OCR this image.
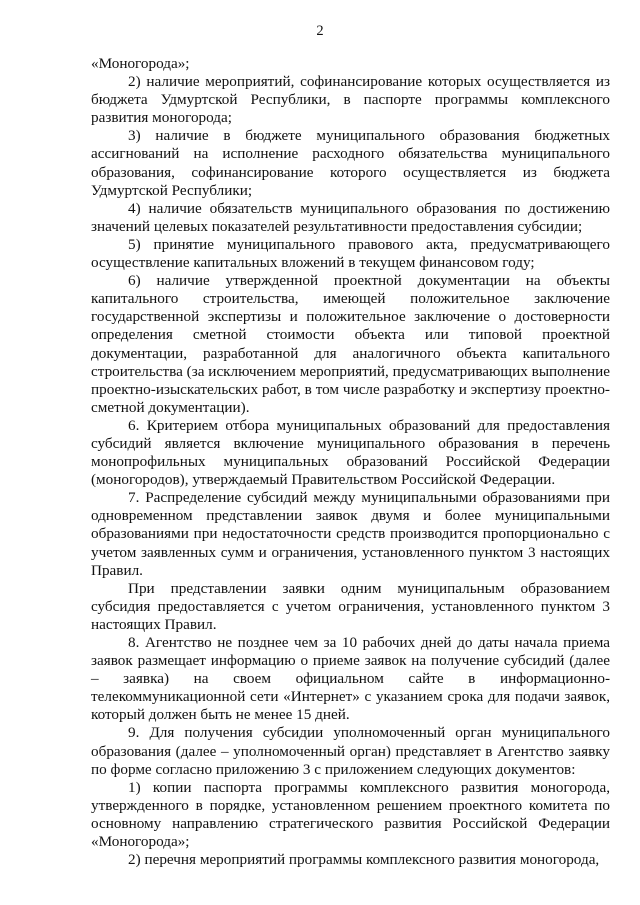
2

«Моногорода»;

2) наличие мероприятий, софинансирование которых осуществляется из бюджета Удмуртской Республики, в паспорте программы комплексного развития моногорода;

3) наличие в бюджете муниципального образования бюджетных ассигнований на исполнение расходного обязательства муниципального образования, софинансирование которого осуществляется из бюджета Удмуртской Республики;

4) наличие обязательств муниципального образования по достижению значений целевых показателей результативности предоставления субсидии;

5) принятие муниципального правового акта, предусматривающего осуществление капитальных вложений в текущем финансовом году;

6) наличие утвержденной проектной документации на объекты капитального строительства, имеющей положительное заключение государственной экспертизы и положительное заключение о достоверности определения сметной стоимости объекта или типовой проектной документации, разработанной для аналогичного объекта капитального строительства (за исключением мероприятий, предусматривающих выполнение проектно-изыскательских работ, в том числе разработку и экспертизу проектно-сметной документации).

6. Критерием отбора муниципальных образований для предоставления субсидий является включение муниципального образования в перечень монопрофильных муниципальных образований Российской Федерации (моногородов), утверждаемый Правительством Российской Федерации.

7. Распределение субсидий между муниципальными образованиями при одновременном представлении заявок двумя и более муниципальными образованиями при недостаточности средств производится пропорционально с учетом заявленных сумм и ограничения, установленного пунктом 3 настоящих Правил.

При представлении заявки одним муниципальным образованием субсидия предоставляется с учетом ограничения, установленного пунктом 3 настоящих Правил.

8. Агентство не позднее чем за 10 рабочих дней до даты начала приема заявок размещает информацию о приеме заявок на получение субсидий (далее – заявка) на своем официальном сайте в информационно-телекоммуникационной сети «Интернет» с указанием срока для подачи заявок, который должен быть не менее 15 дней.

9. Для получения субсидии уполномоченный орган муниципального образования (далее – уполномоченный орган) представляет в Агентство заявку по форме согласно приложению 3 с приложением следующих документов:

1) копии паспорта программы комплексного развития моногорода, утвержденного в порядке, установленном решением проектного комитета по основному направлению стратегического развития Российской Федерации «Моногорода»;

2) перечня мероприятий программы комплексного развития моногорода,
